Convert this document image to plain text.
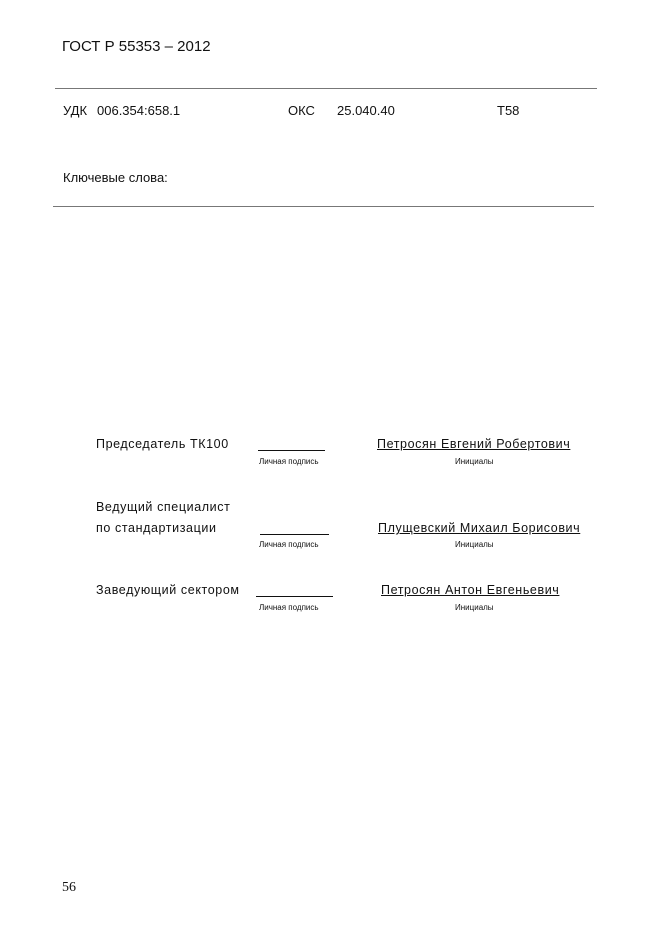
ГОСТ Р 55353 – 2012
УДК 006.354:658.1	ОКС 25.040.40	T58
Ключевые слова:
Председатель ТК100
Личная подпись
Петросян Евгений Робертович
Инициалы
Ведущий специалист
по стандартизации
Личная подпись
Плущевский Михаил Борисович
Инициалы
Заведующий сектором
Личная подпись
Петросян Антон Евгеньевич
Инициалы
56
